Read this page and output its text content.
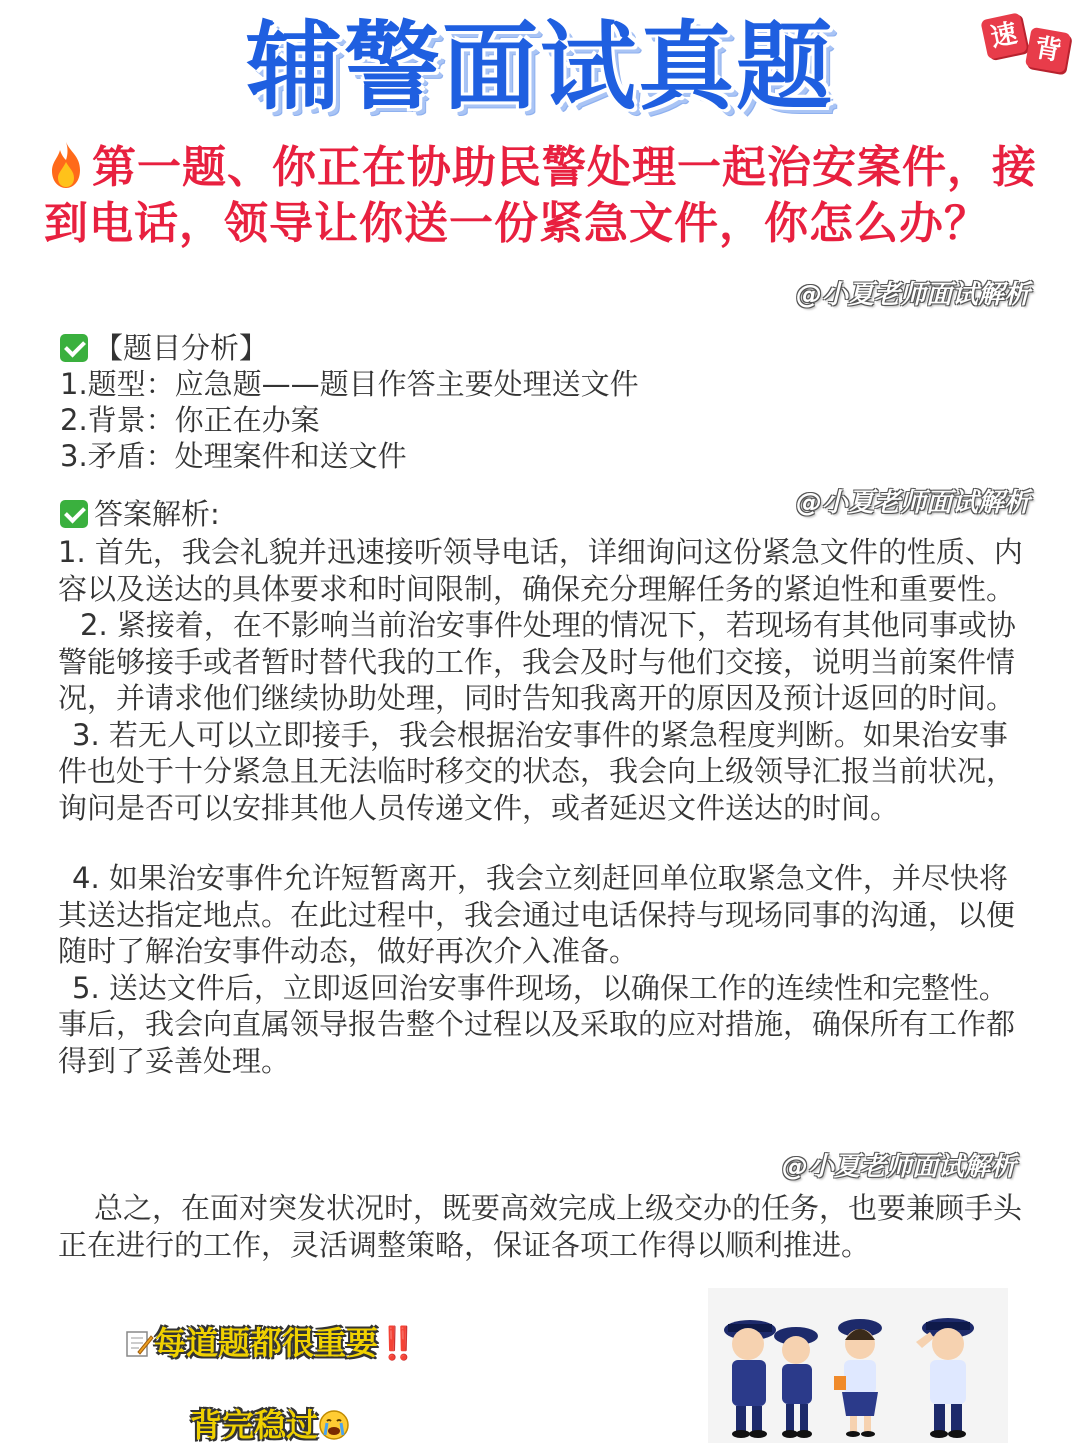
辅警面试真题	速 背
第一题、你正在协助民警处理一起治安案件，接到电话，领导让你送一份紧急文件，你怎么办？
@小夏老师面试解析
【题目分析】
1.题型：应急题——题目作答主要处理送文件
2.背景：你正在办案
3.矛盾：处理案件和送文件
@小夏老师面试解析
答案解析:

1. 首先，我会礼貌并迅速接听领导电话，详细询问这份紧急文件的性质、内容以及送达的具体要求和时间限制，确保充分理解任务的紧迫性和重要性。

2. 紧接着，在不影响当前治安事件处理的情况下，若现场有其他同事或协警能够接手或者暂时替代我的工作，我会及时与他们交接，说明当前案件情况，并请求他们继续协助处理，同时告知我离开的原因及预计返回的时间。

3. 若无人可以立即接手，我会根据治安事件的紧急程度判断。如果治安事件也处于十分紧急且无法临时移交的状态，我会向上级领导汇报当前状况，询问是否可以安排其他人员传递文件，或者延迟文件送达的时间。

4. 如果治安事件允许短暂离开，我会立刻赶回单位取紧急文件，并尽快将其送达指定地点。在此过程中，我会通过电话保持与现场同事的沟通，以便随时了解治安事件动态，做好再次介入准备。

5. 送达文件后，立即返回治安事件现场，以确保工作的连续性和完整性。事后，我会向直属领导报告整个过程以及采取的应对措施，确保所有工作都得到了妥善处理。

@小夏老师面试解析
总之，在面对突发状况时，既要高效完成上级交办的任务，也要兼顾手头正在进行的工作，灵活调整策略，保证各项工作得以顺利推进。
每道题都很重要‼️
背完稳过
